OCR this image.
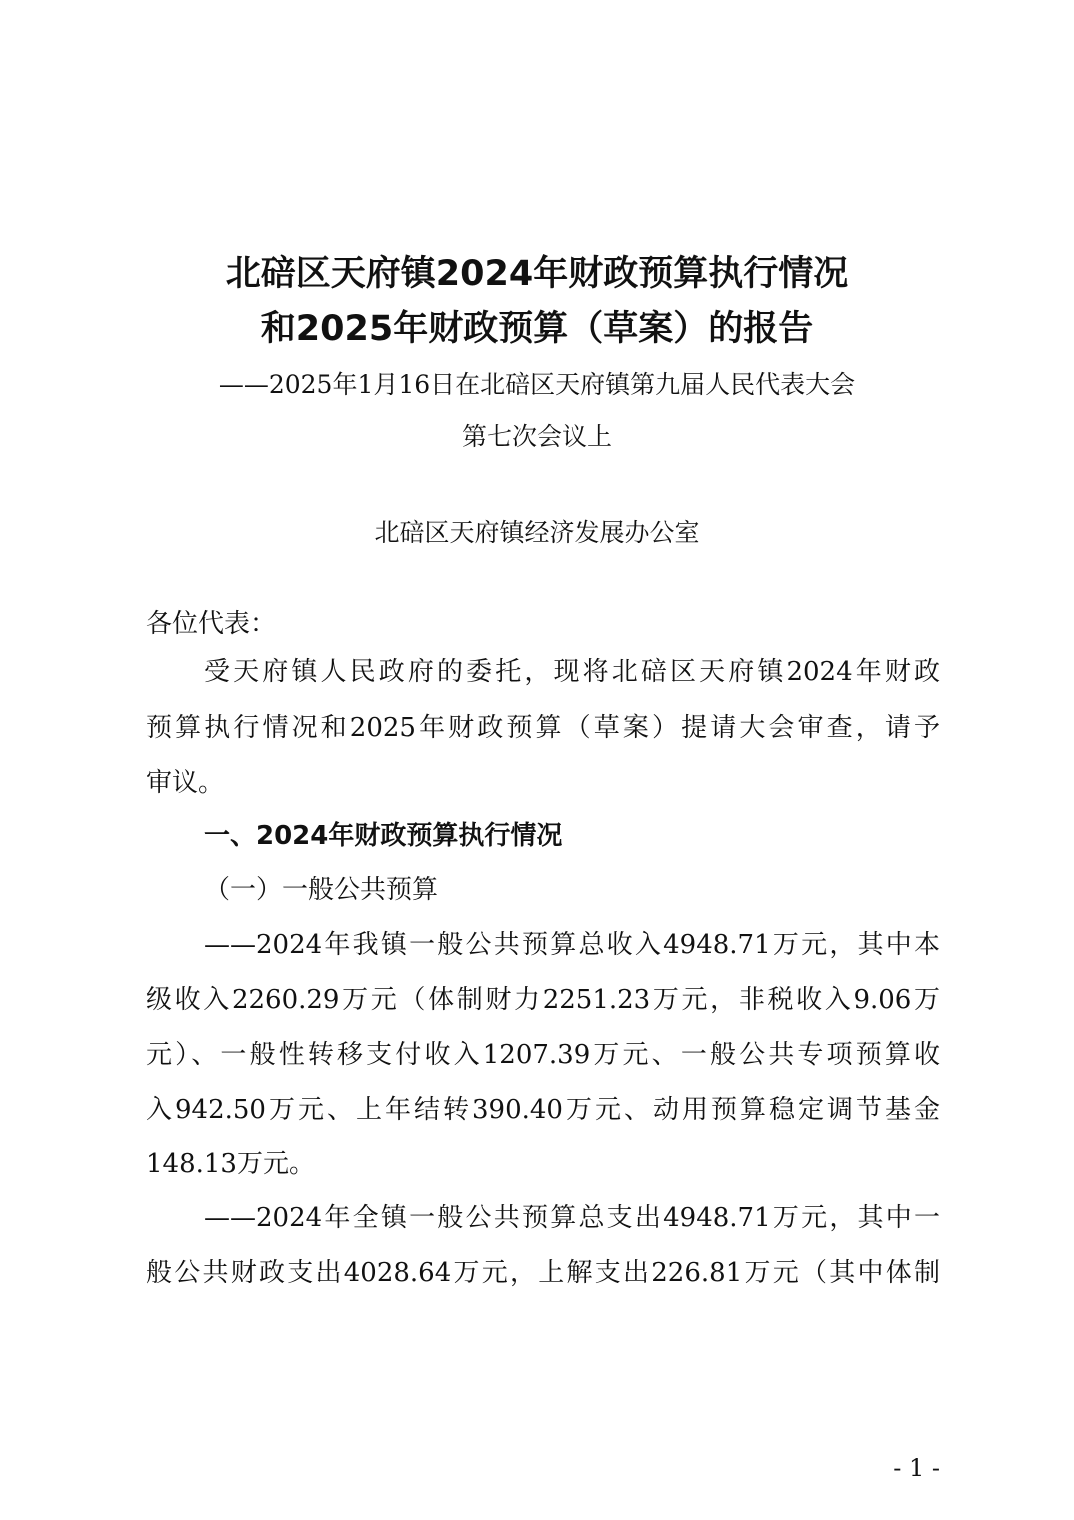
北碚区天府镇2024年财政预算执行情况
和2025年财政预算（草案）的报告
——2025年1月16日在北碚区天府镇第九届人民代表大会
第七次会议上
北碚区天府镇经济发展办公室
各位代表：
受天府镇人民政府的委托，现将北碚区天府镇2024年财政
预算执行情况和2025年财政预算（草案）提请大会审查，请予
审议。
一、2024年财政预算执行情况
（一）一般公共预算
——2024年我镇一般公共预算总收入4948.71万元，其中本
级收入2260.29万元（体制财力2251.23万元，非税收入9.06万
元）、一般性转移支付收入1207.39万元、一般公共专项预算收
入942.50万元、上年结转390.40万元、动用预算稳定调节基金
148.13万元。
——2024年全镇一般公共预算总支出4948.71万元，其中一
般公共财政支出4028.64万元，上解支出226.81万元（其中体制
- 1 -
